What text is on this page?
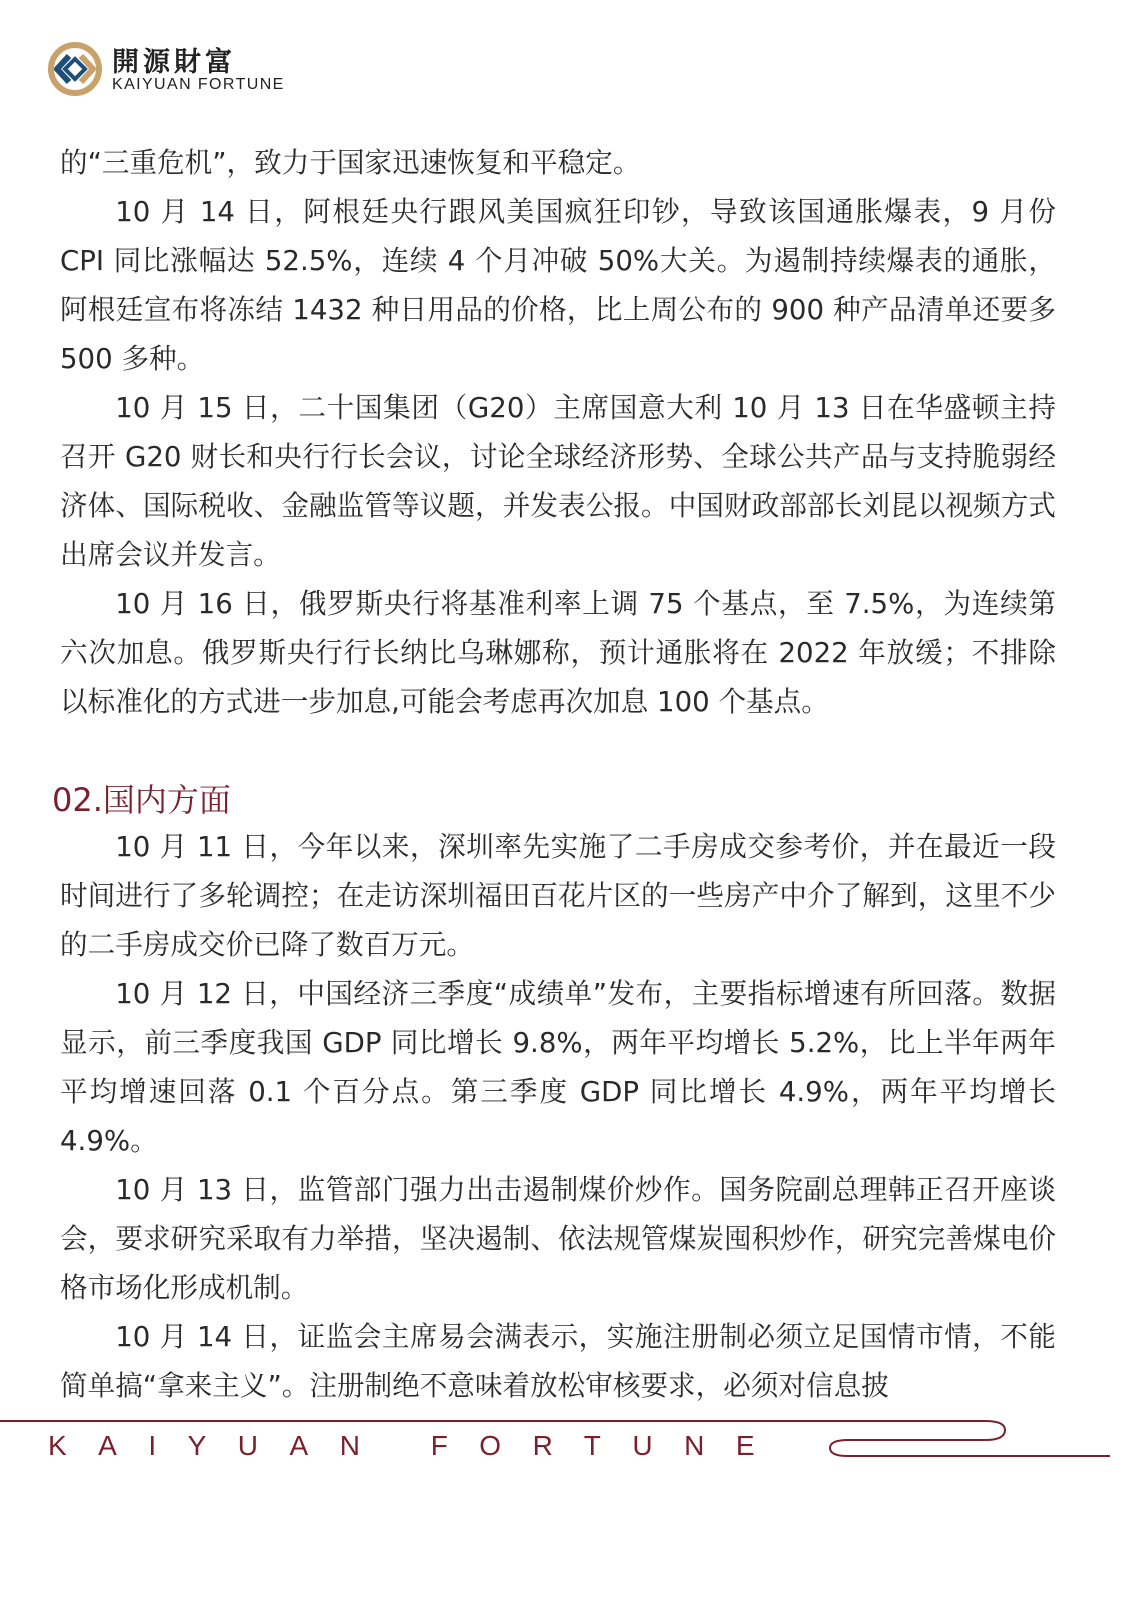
開源財富
KAIYUAN FORTUNE

的“三重危机”，致力于国家迅速恢复和平稳定。

10 月 14 日，阿根廷央行跟风美国疯狂印钞，导致该国通胀爆表，9 月份 CPI 同比涨幅达 52.5%，连续 4 个月冲破 50%大关。为遏制持续爆表的通胀，阿根廷宣布将冻结 1432 种日用品的价格，比上周公布的 900 种产品清单还要多 500 多种。

10 月 15 日，二十国集团（G20）主席国意大利 10 月 13 日在华盛顿主持召开 G20 财长和央行行长会议，讨论全球经济形势、全球公共产品与支持脆弱经济体、国际税收、金融监管等议题，并发表公报。中国财政部部长刘昆以视频方式出席会议并发言。

10 月 16 日，俄罗斯央行将基准利率上调 75 个基点，至 7.5%，为连续第六次加息。俄罗斯央行行长纳比乌琳娜称，预计通胀将在 2022 年放缓；不排除以标准化的方式进一步加息,可能会考虑再次加息 100 个基点。

02.国内方面

10 月 11 日，今年以来，深圳率先实施了二手房成交参考价，并在最近一段时间进行了多轮调控；在走访深圳福田百花片区的一些房产中介了解到，这里不少的二手房成交价已降了数百万元。

10 月 12 日，中国经济三季度“成绩单”发布，主要指标增速有所回落。数据显示，前三季度我国 GDP 同比增长 9.8%，两年平均增长 5.2%，比上半年两年平均增速回落 0.1 个百分点。第三季度 GDP 同比增长 4.9%，两年平均增长 4.9%。

10 月 13 日，监管部门强力出击遏制煤价炒作。国务院副总理韩正召开座谈会，要求研究采取有力举措，坚决遏制、依法规管煤炭囤积炒作，研究完善煤电价格市场化形成机制。

10 月 14 日，证监会主席易会满表示，实施注册制必须立足国情市情，不能简单搞“拿来主义”。注册制绝不意味着放松审核要求，必须对信息披

KAIYUAN FORTUNE
